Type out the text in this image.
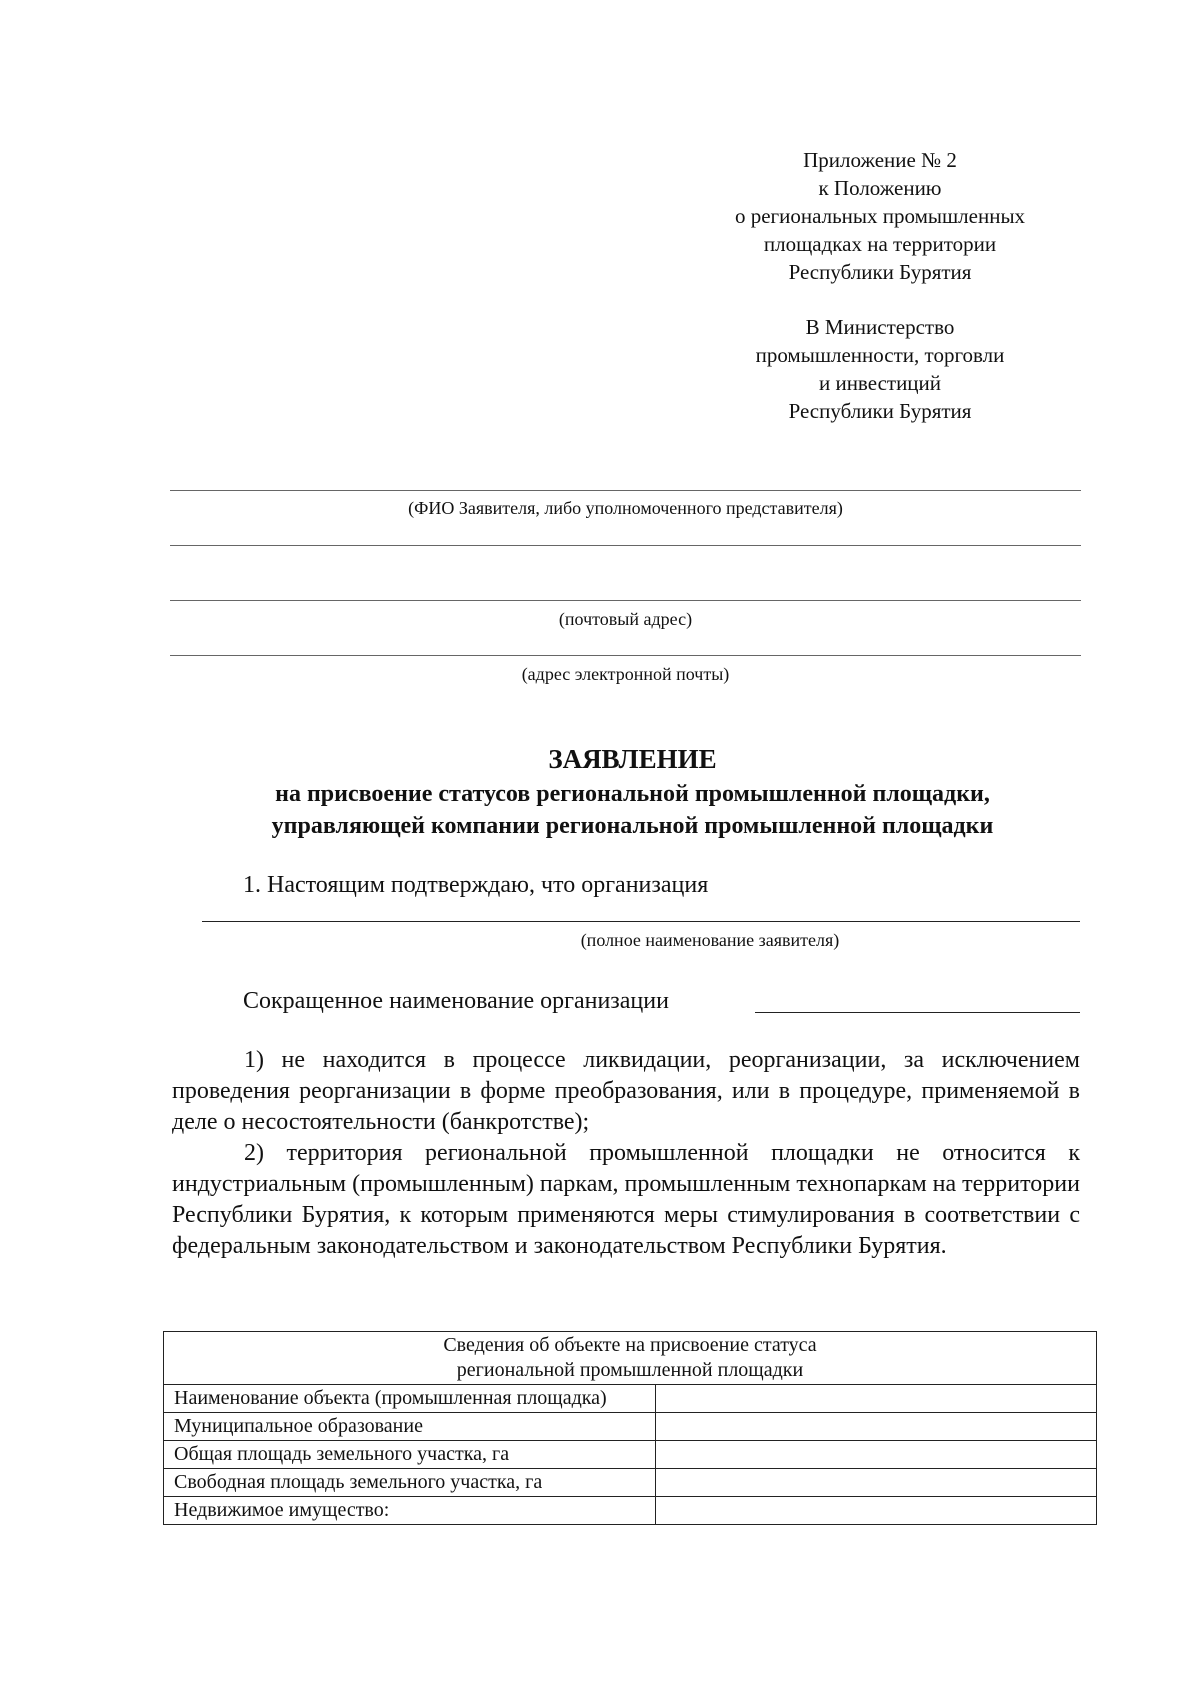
Приложение № 2
к Положению
о региональных промышленных
площадках на территории
Республики Бурятия
В Министерство
промышленности, торговли
и инвестиций
Республики Бурятия
(ФИО Заявителя, либо уполномоченного представителя)
(почтовый адрес)
(адрес электронной почты)
ЗАЯВЛЕНИЕ
на присвоение статусов региональной промышленной площадки,
управляющей компании региональной промышленной площадки
1. Настоящим подтверждаю, что организация
(полное наименование заявителя)
Сокращенное наименование организации

1) не находится в процессе ликвидации, реорганизации, за исключением проведения реорганизации в форме преобразования, или в процедуре, применяемой в деле о несостоятельности (банкротстве);

2) территория региональной промышленной площадки не относится к индустриальным (промышленным) паркам, промышленным технопаркам на территории Республики Бурятия, к которым применяются меры стимулирования в соответствии с федеральным законодательством и законодательством Республики Бурятия.

Сведения об объекте на присвоение статуса
региональной промышленной площадки	

Наименование объекта (промышленная площадка)	
Муниципальное образование	
Общая площадь земельного участка, га	
Свободная площадь земельного участка, га	
Недвижимое имущество:	
